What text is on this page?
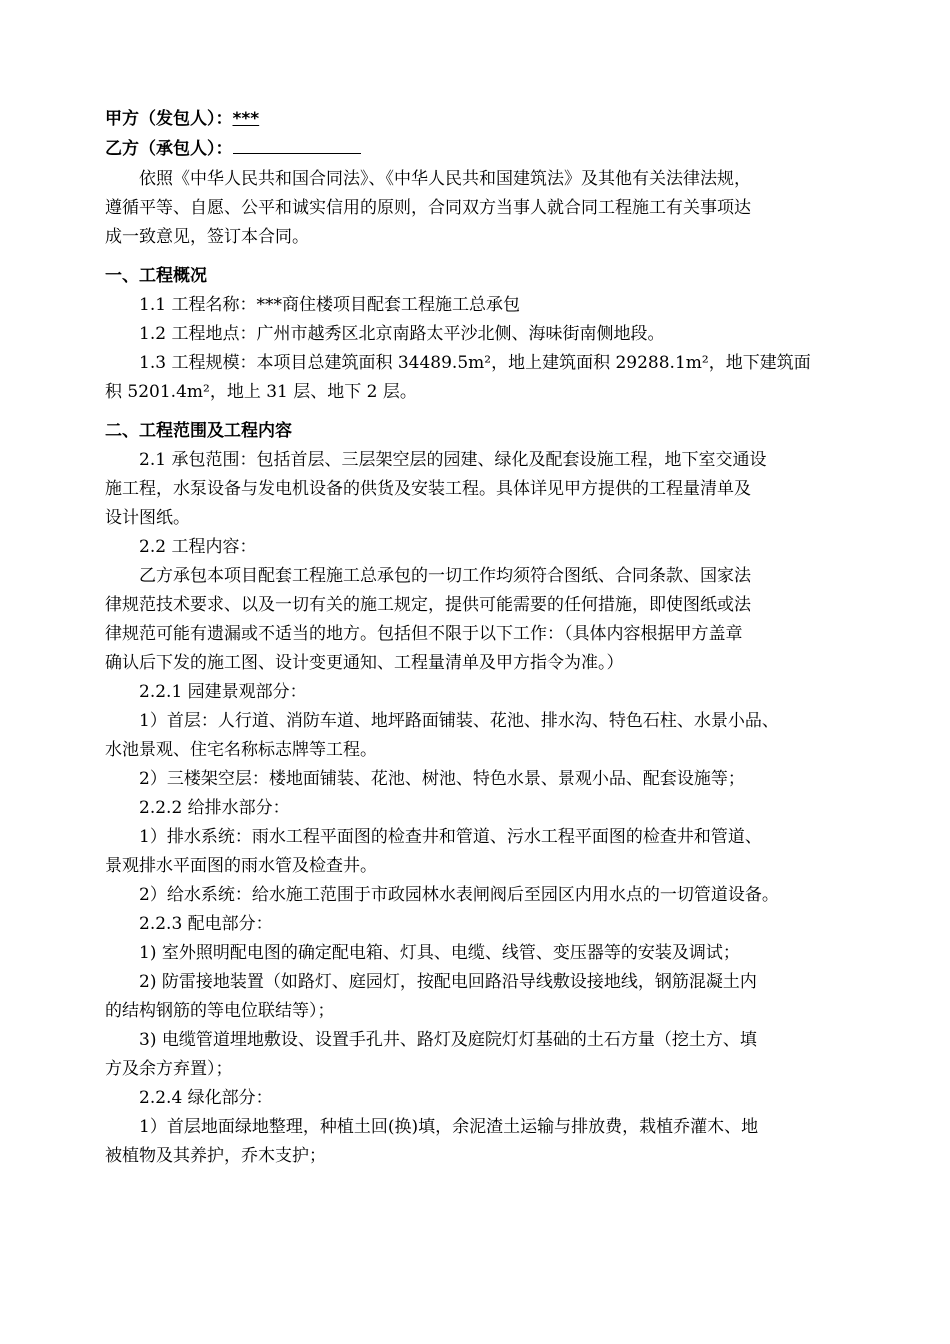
甲方（发包人）：***
乙方（承包人）：
依照《中华人民共和国合同法》、《中华人民共和国建筑法》及其他有关法律法规，
遵循平等、自愿、公平和诚实信用的原则，合同双方当事人就合同工程施工有关事项达
成一致意见，签订本合同。
一、工程概况
1.1 工程名称：***商住楼项目配套工程施工总承包
1.2 工程地点：广州市越秀区北京南路太平沙北侧、海味街南侧地段。
1.3 工程规模：本项目总建筑面积 34489.5m²，地上建筑面积 29288.1m²，地下建筑面
积 5201.4m²，地上 31 层、地下 2 层。
二、工程范围及工程内容
2.1 承包范围：包括首层、三层架空层的园建、绿化及配套设施工程，地下室交通设
施工程，水泵设备与发电机设备的供货及安装工程。具体详见甲方提供的工程量清单及
设计图纸。
2.2 工程内容：
乙方承包本项目配套工程施工总承包的一切工作均须符合图纸、合同条款、国家法
律规范技术要求、以及一切有关的施工规定，提供可能需要的任何措施，即使图纸或法
律规范可能有遗漏或不适当的地方。包括但不限于以下工作：（具体内容根据甲方盖章
确认后下发的施工图、设计变更通知、工程量清单及甲方指令为准。）
2.2.1 园建景观部分：
1）首层：人行道、消防车道、地坪路面铺装、花池、排水沟、特色石柱、水景小品、
水池景观、住宅名称标志牌等工程。
2）三楼架空层：楼地面铺装、花池、树池、特色水景、景观小品、配套设施等；
2.2.2 给排水部分：
1）排水系统：雨水工程平面图的检查井和管道、污水工程平面图的检查井和管道、
景观排水平面图的雨水管及检查井。
2）给水系统：给水施工范围于市政园林水表闸阀后至园区内用水点的一切管道设备。
2.2.3 配电部分：
1) 室外照明配电图的确定配电箱、灯具、电缆、线管、变压器等的安装及调试；
2) 防雷接地装置（如路灯、庭园灯，按配电回路沿导线敷设接地线，钢筋混凝土内
的结构钢筋的等电位联结等）；
3) 电缆管道埋地敷设、设置手孔井、路灯及庭院灯灯基础的土石方量（挖土方、填
方及余方弃置）；
2.2.4 绿化部分：
1）首层地面绿地整理，种植土回(换)填，余泥渣土运输与排放费，栽植乔灌木、地
被植物及其养护，乔木支护；
